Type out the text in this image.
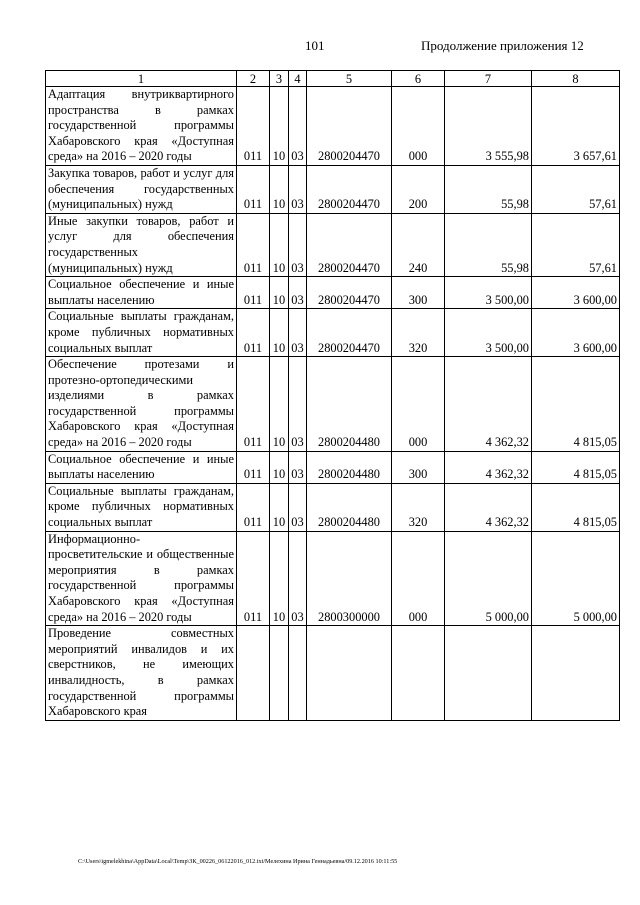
101	Продолжение приложения 12
1	2	3	4	5	6	7	8
Адаптация внутриквартирного пространства в рамках государственной программы Хабаровского края «Доступная среда» на 2016 – 2020 годы	011	10	03	2800204470	000	3 555,98	3 657,61
Закупка товаров, работ и услуг для обеспечения государственных (муниципальных) нужд	011	10	03	2800204470	200	55,98	57,61
Иные закупки товаров, работ и услуг для обеспечения государственных (муниципальных) нужд	011	10	03	2800204470	240	55,98	57,61
Социальное обеспечение и иные выплаты населению	011	10	03	2800204470	300	3 500,00	3 600,00
Социальные выплаты гражданам, кроме публичных нормативных социальных выплат	011	10	03	2800204470	320	3 500,00	3 600,00
Обеспечение протезами и протезно-ортопедическими изделиями в рамках государственной программы Хабаровского края «Доступная среда» на 2016 – 2020 годы	011	10	03	2800204480	000	4 362,32	4 815,05
Социальное обеспечение и иные выплаты населению	011	10	03	2800204480	300	4 362,32	4 815,05
Социальные выплаты гражданам, кроме публичных нормативных социальных выплат	011	10	03	2800204480	320	4 362,32	4 815,05
Информационно-просветительские и общественные мероприятия в рамках государственной программы Хабаровского края «Доступная среда» на 2016 – 2020 годы	011	10	03	2800300000	000	5 000,00	5 000,00
Проведение совместных мероприятий инвалидов и их сверстников, не имеющих инвалидность, в рамках государственной программы Хабаровского края							
C:\Users\igmelekhina\AppData\Local\Temp\ЗК_00226_06122016_012.txt/Мелехина Ирина Геннадьевна/09.12.2016 10:11:55
